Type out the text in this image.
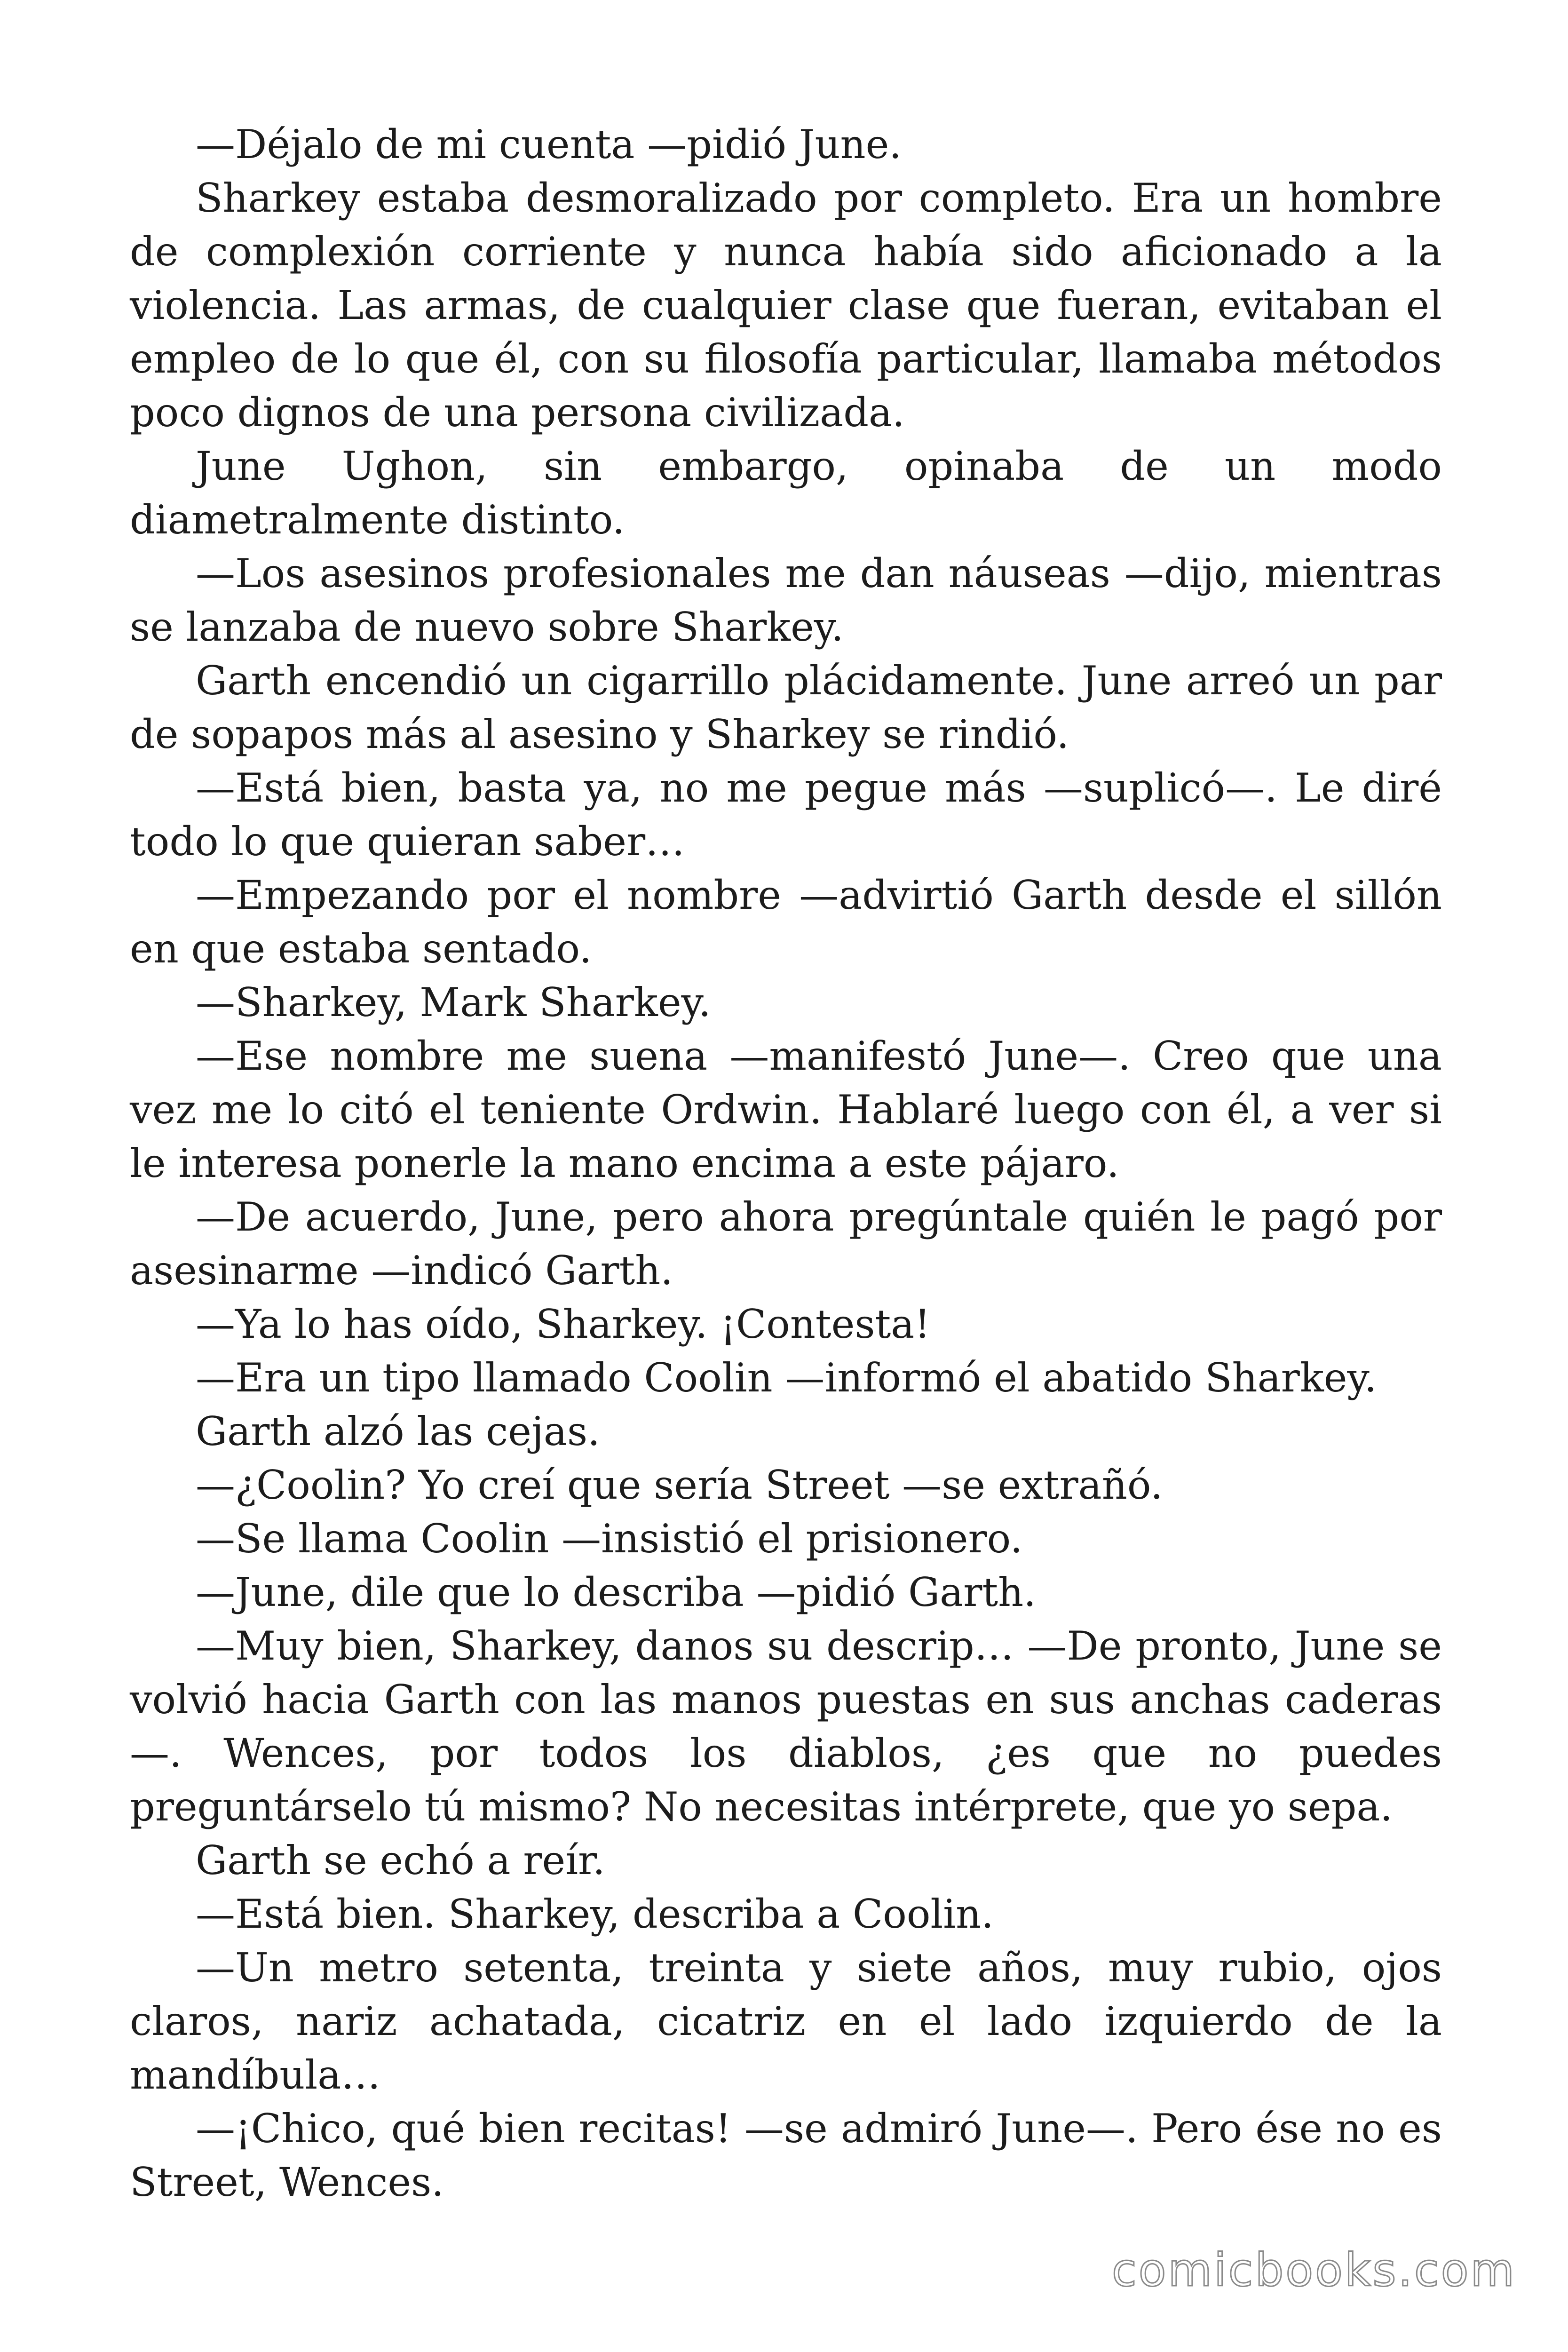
—Déjalo de mi cuenta —pidió June.

Sharkey estaba desmoralizado por completo. Era un hombre de complexión corriente y nunca había sido aficionado a la violencia. Las armas, de cualquier clase que fueran, evitaban el empleo de lo que él, con su filosofía particular, llamaba métodos poco dignos de una persona civilizada.

June Ughon, sin embargo, opinaba de un modo diametralmente distinto.

—Los asesinos profesionales me dan náuseas —dijo, mientras se lanzaba de nuevo sobre Sharkey.

Garth encendió un cigarrillo plácidamente. June arreó un par de sopapos más al asesino y Sharkey se rindió.

—Está bien, basta ya, no me pegue más —suplicó—. Le diré todo lo que quieran saber…

—Empezando por el nombre —advirtió Garth desde el sillón en que estaba sentado.

—Sharkey, Mark Sharkey.

—Ese nombre me suena —manifestó June—. Creo que una vez me lo citó el teniente Ordwin. Hablaré luego con él, a ver si le interesa ponerle la mano encima a este pájaro.

—De acuerdo, June, pero ahora pregúntale quién le pagó por asesinarme —indicó Garth.

—Ya lo has oído, Sharkey. ¡Contesta!

—Era un tipo llamado Coolin —informó el abatido Sharkey.

Garth alzó las cejas.

—¿Coolin? Yo creí que sería Street —se extrañó.

—Se llama Coolin —insistió el prisionero.

—June, dile que lo describa —pidió Garth.

—Muy bien, Sharkey, danos su descrip… —De pronto, June se volvió hacia Garth con las manos puestas en sus anchas caderas—. Wences, por todos los diablos, ¿es que no puedes preguntárselo tú mismo? No necesitas intérprete, que yo sepa.

Garth se echó a reír.

—Está bien. Sharkey, describa a Coolin.

—Un metro setenta, treinta y siete años, muy rubio, ojos claros, nariz achatada, cicatriz en el lado izquierdo de la mandíbula…

—¡Chico, qué bien recitas! —se admiró June—. Pero ése no es Street, Wences.

comicbooks.com
